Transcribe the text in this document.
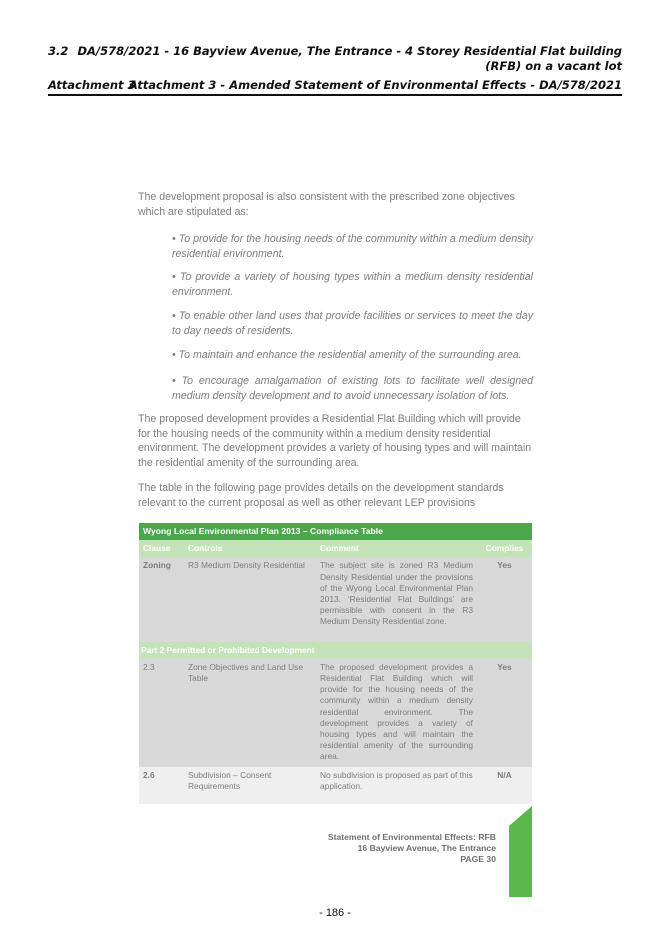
3.2 DA/578/2021 - 16 Bayview Avenue, The Entrance - 4 Storey Residential Flat building
(RFB) on a vacant lot
Attachment 3
Attachment 3 - Amended Statement of Environmental Effects - DA/578/2021
The development proposal is also consistent with the prescribed zone objectives which are stipulated as:
• To provide for the housing needs of the community within a medium density residential environment.
• To provide a variety of housing types within a medium density residential environment.
• To enable other land uses that provide facilities or services to meet the day to day needs of residents.
• To maintain and enhance the residential amenity of the surrounding area.
• To encourage amalgamation of existing lots to facilitate well designed medium density development and to avoid unnecessary isolation of lots.
The proposed development provides a Residential Flat Building which will provide for the housing needs of the community within a medium density residential environment. The development provides a variety of housing types and will maintain the residential amenity of the surrounding area.
The table in the following page provides details on the development standards relevant to the current proposal as well as other relevant LEP provisions
Wyong Local Environmental Plan 2013 – Compliance Table			
Clause	Controls	Comment	Complies
Zoning	R3 Medium Density Residential	The subject site is zoned R3 Medium Density Residential under the provisions of the Wyong Local Environmental Plan 2013. ‘Residential Flat Buildings’ are permissible with consent in the R3 Medium Density Residential zone.	Yes

Part 2 Permitted or Prohibited Development			
2.3	Zone Objectives and Land Use Table	The proposed development provides a Residential Flat Building which will provide for the housing needs of the community within a medium density residential environment. The development provides a variety of housing types and will maintain the residential amenity of the surrounding area.	Yes
2.6	Subdivision – Consent Requirements	No subdivision is proposed as part of this application.	N/A

Statement of Environmental Effects: RFB
16 Bayview Avenue, The Entrance
PAGE 30
- 186 -
